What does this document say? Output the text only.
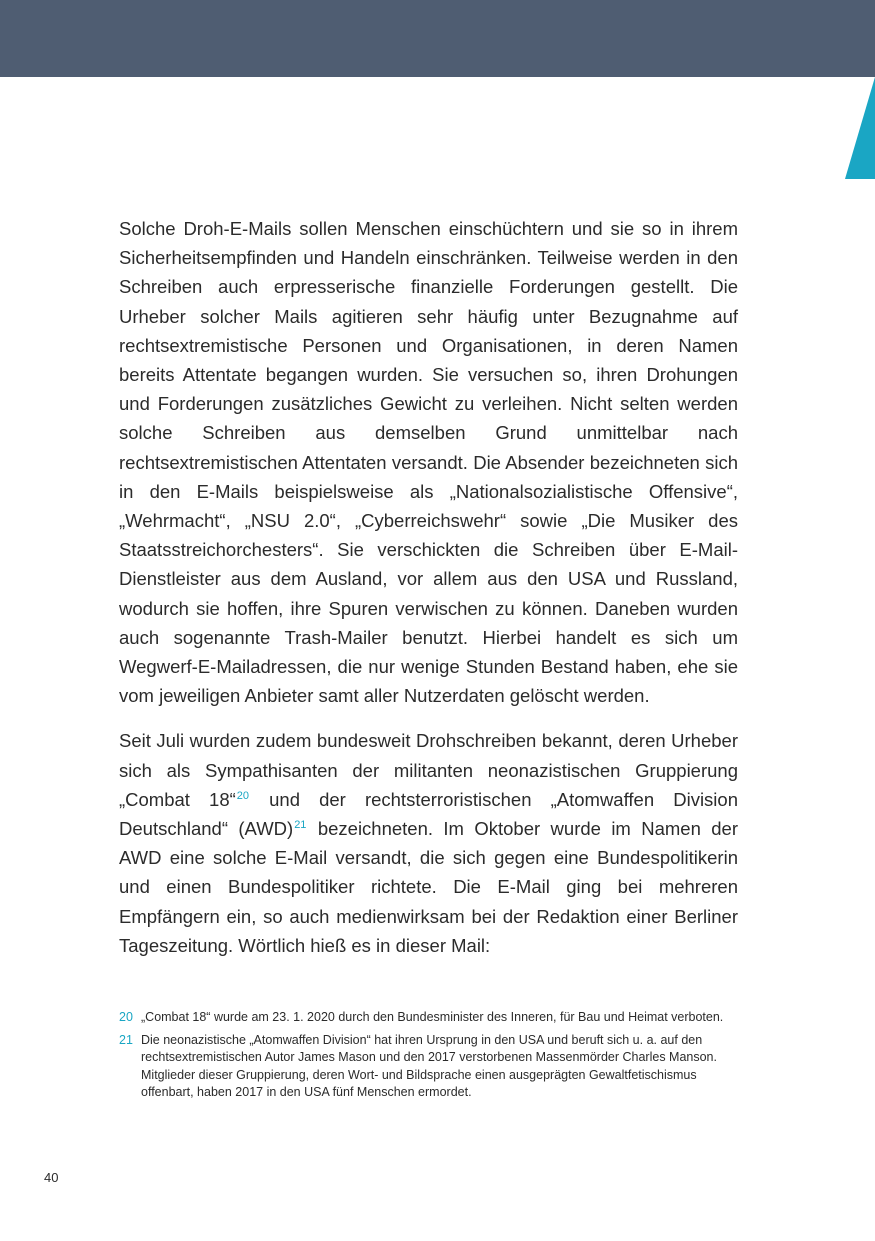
Solche Droh-E-Mails sollen Menschen einschüchtern und sie so in ihrem Sicherheitsempfinden und Handeln einschränken. Teilweise werden in den Schreiben auch erpresserische finanzielle Forderungen gestellt. Die Urheber solcher Mails agitieren sehr häufig unter Bezugnahme auf rechtsextremistische Personen und Organisationen, in deren Namen bereits Attentate begangen wurden. Sie versuchen so, ihren Drohungen und Forderungen zusätzliches Gewicht zu verleihen. Nicht selten werden solche Schreiben aus demselben Grund unmittelbar nach rechtsextremistischen Attentaten versandt. Die Absender bezeichneten sich in den E-Mails beispielsweise als „Nationalsozialistische Offensive“, „Wehrmacht“, „NSU 2.0“, „Cyberreichswehr“ sowie „Die Musiker des Staatsstreichorchesters“. Sie verschickten die Schreiben über E-Mail-Dienstleister aus dem Ausland, vor allem aus den USA und Russland, wodurch sie hoffen, ihre Spuren verwischen zu können. Daneben wurden auch sogenannte Trash-Mailer benutzt. Hierbei handelt es sich um Wegwerf-E-Mailadressen, die nur wenige Stunden Bestand haben, ehe sie vom jeweiligen Anbieter samt aller Nutzerdaten gelöscht werden.

Seit Juli wurden zudem bundesweit Drohschreiben bekannt, deren Urheber sich als Sympathisanten der militanten neonazistischen Gruppierung „Combat 18“$^{20}$ und der rechtsterroristischen „Atomwaffen Division Deutschland“ (AWD)$^{21}$ bezeichneten. Im Oktober wurde im Namen der AWD eine solche E-Mail versandt, die sich gegen eine Bundespolitikerin und einen Bundespolitiker richtete. Die E-Mail ging bei mehreren Empfängern ein, so auch medienwirksam bei der Redaktion einer Berliner Tageszeitung. Wörtlich hieß es in dieser Mail:

20 „Combat 18“ wurde am 23. 1. 2020 durch den Bundesminister des Inneren, für Bau und Heimat verboten.
21 Die neonazistische „Atomwaffen Division“ hat ihren Ursprung in den USA und beruft sich u. a. auf den rechtsextremistischen Autor James Mason und den 2017 verstorbenen Massenmörder Charles Manson. Mitglieder dieser Gruppierung, deren Wort- und Bildsprache einen ausgeprägten Gewaltfetischismus offenbart, haben 2017 in den USA fünf Menschen ermordet.
40
